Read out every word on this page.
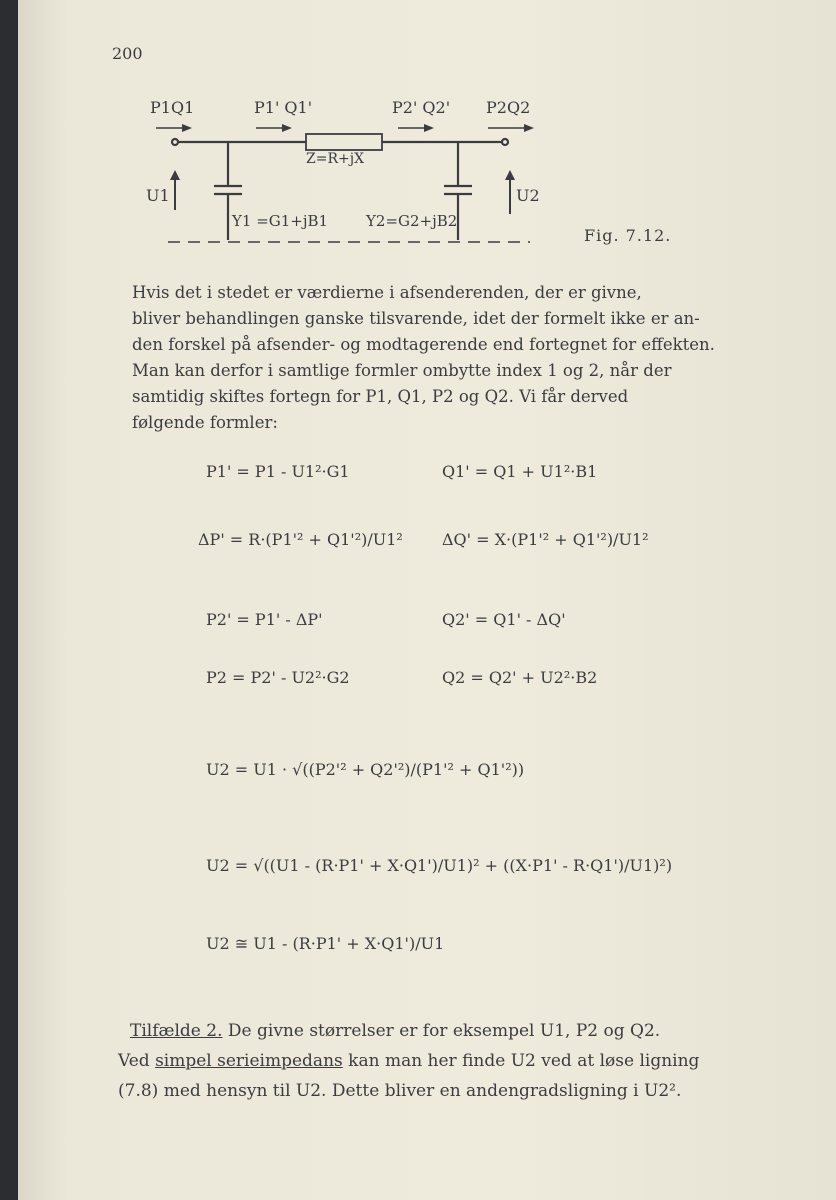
200
P1Q1	P1' Q1'	P2' Q2' P2Q2
Z=R+jX
U1	U2
Y1 =G1+jB1	Y2=G2+jB2
Fig. 7.12.
Hvis det i stedet er værdierne i afsenderenden, der er givne,
bliver behandlingen ganske tilsvarende, idet der formelt ikke er an-
den forskel på afsender- og modtagerende end fortegnet for effekten.
Man kan derfor i samtlige formler ombytte index 1 og 2, når der
samtidig skiftes fortegn for P1, Q1, P2 og Q2. Vi får derved
følgende formler:
P1' = P1 - U1²·G1	Q1' = Q1 + U1²·B1
ΔP' = R·(P1'² + Q1'²)/U1² ΔQ' = X·(P1'² + Q1'²)/U1²
P2' = P1' - ΔP'	Q2' = Q1' - ΔQ'
P2 = P2' - U2²·G2	Q2 = Q2' + U2²·B2
U2 = U1 · √((P2'² + Q2'²)/(P1'² + Q1'²))
U2 = √((U1 - (R·P1' + X·Q1')/U1)² + ((X·P1' - R·Q1')/U1)²)
U2 ≅ U1 - (R·P1' + X·Q1')/U1
Tilfælde 2. De givne størrelser er for eksempel U1, P2 og Q2.
Ved simpel serieimpedans kan man her finde U2 ved at løse ligning
(7.8) med hensyn til U2. Dette bliver en andengradsligning i U2².
